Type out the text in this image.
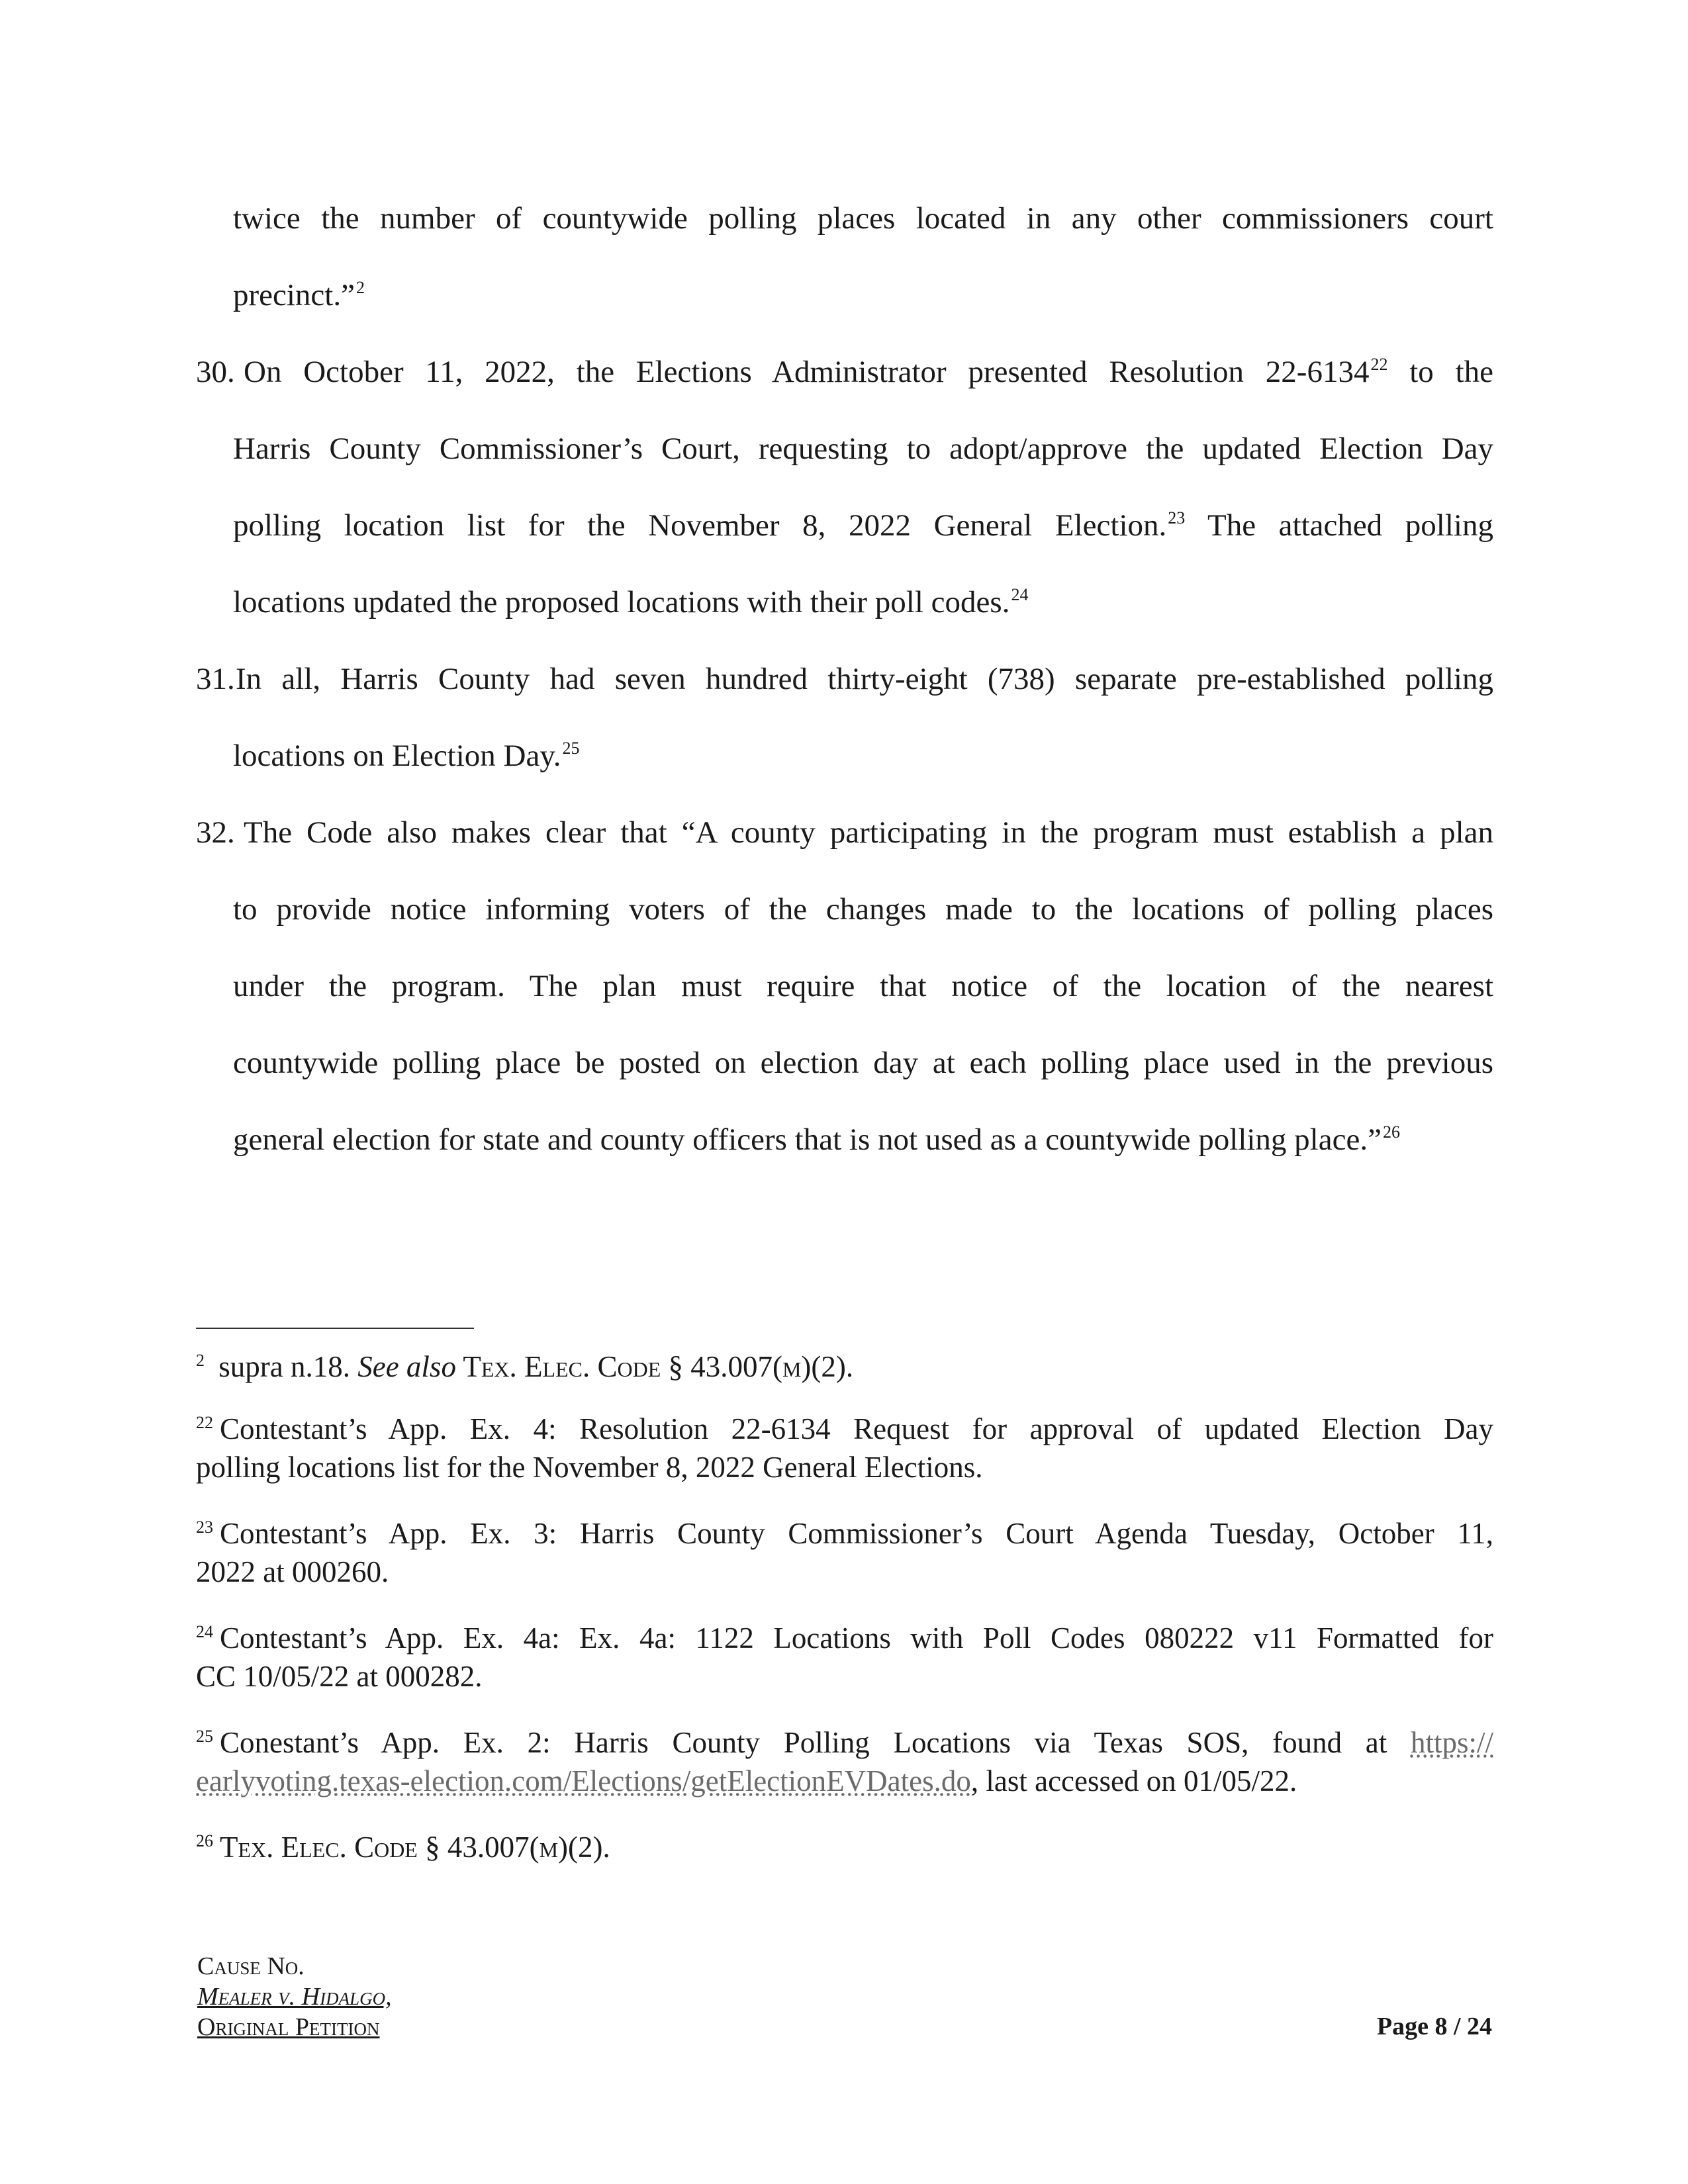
twice the number of countywide polling places located in any other commissioners court
precinct.”$^2$
30. On October 11, 2022, the Elections Administrator presented Resolution 22-6134$^{22}$ to the
Harris County Commissioner’s Court, requesting to adopt/approve the updated Election Day
polling location list for the November 8, 2022 General Election.$^{23}$ The attached polling
locations updated the proposed locations with their poll codes.$^{24}$
31. In all, Harris County had seven hundred thirty-eight (738) separate pre-established polling
locations on Election Day.$^{25}$
32. The Code also makes clear that “A county participating in the program must establish a plan
to provide notice informing voters of the changes made to the locations of polling places
under the program. The plan must require that notice of the location of the nearest
countywide polling place be posted on election day at each polling place used in the previous
general election for state and county officers that is not used as a countywide polling place.”$^{26}$
$^2$ supra n.18. See also Tex. Elec. Code § 43.007(m)(2).
$^{22}$ Contestant’s App. Ex. 4: Resolution 22-6134 Request for approval of updated Election Day
polling locations list for the November 8, 2022 General Elections.
$^{23}$ Contestant’s App. Ex. 3: Harris County Commissioner’s Court Agenda Tuesday, October 11,
2022 at 000260.
$^{24}$ Contestant’s App. Ex. 4a: Ex. 4a: 1122 Locations with Poll Codes 080222 v11 Formatted for
CC 10/05/22 at 000282.
$^{25}$ Conestant’s App. Ex. 2: Harris County Polling Locations via Texas SOS, found at https://
earlyvoting.texas-election.com/Elections/getElectionEVDates.do, last accessed on 01/05/22.
$^{26}$ Tex. Elec. Code § 43.007(m)(2).
Cause No.
Mealer v. Hidalgo,
Original Petition	Page 8 / 24
